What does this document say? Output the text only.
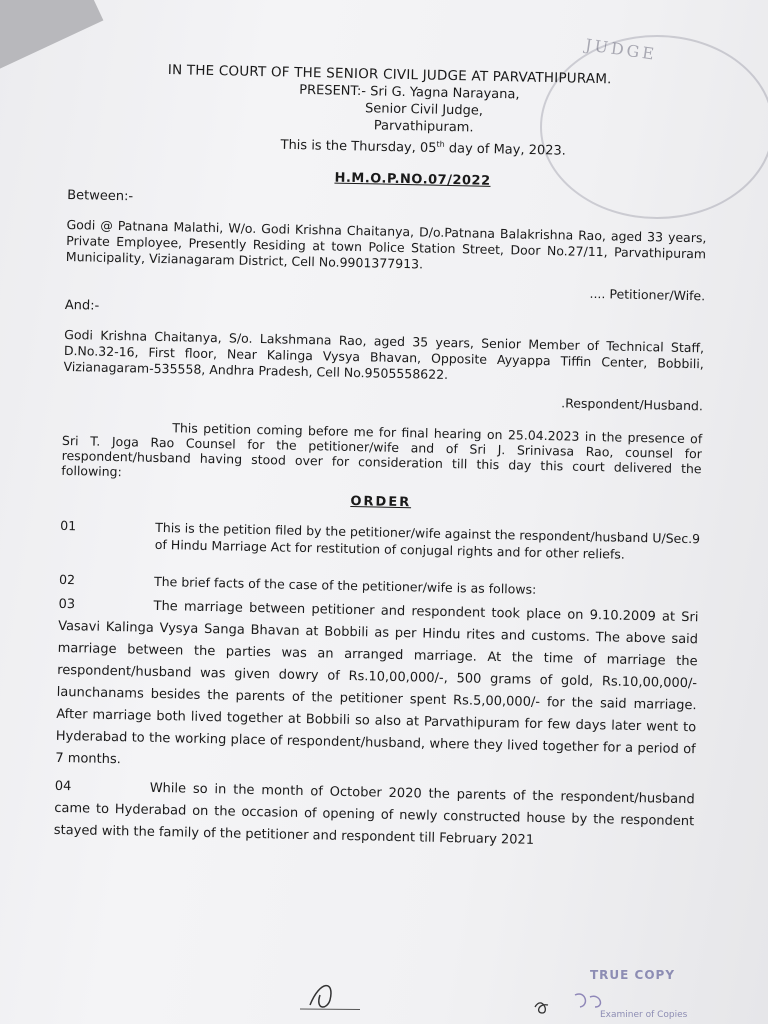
JUDGE
IN THE COURT OF THE SENIOR CIVIL JUDGE AT PARVATHIPURAM.
PRESENT:- Sri G. Yagna Narayana,
Senior Civil Judge,
Parvathipuram.
This is the Thursday, 05th day of May, 2023.
H.M.O.P.NO.07/2022
Between:-
Godi @ Patnana Malathi, W/o. Godi Krishna Chaitanya, D/o.Patnana Balakrishna Rao, aged 33 years, Private Employee, Presently Residing at town Police Station Street, Door No.27/11, Parvathipuram Municipality, Vizianagaram District, Cell No.9901377913.
.... Petitioner/Wife.
And:-
Godi Krishna Chaitanya, S/o. Lakshmana Rao, aged 35 years, Senior Member of Technical Staff, D.No.32-16, First floor, Near Kalinga Vysya Bhavan, Opposite Ayyappa Tiffin Center, Bobbili, Vizianagaram-535558, Andhra Pradesh, Cell No.9505558622.
.Respondent/Husband.
This petition coming before me for final hearing on 25.04.2023 in the presence of Sri T. Joga Rao Counsel for the petitioner/wife and of Sri J. Srinivasa Rao, counsel for respondent/husband having stood over for consideration till this day this court delivered the following:
ORDER
01	This is the petition filed by the petitioner/wife against the respondent/husband U/Sec.9 of Hindu Marriage Act for restitution of conjugal rights and for other reliefs.
02	The brief facts of the case of the petitioner/wife is as follows:
03	The marriage between petitioner and respondent took place on 9.10.2009 at Sri Vasavi Kalinga Vysya Sanga Bhavan at Bobbili as per Hindu rites and customs. The above said marriage between the parties was an arranged marriage. At the time of marriage the respondent/husband was given dowry of Rs.10,00,000/-, 500 grams of gold, Rs.10,00,000/- launchanams besides the parents of the petitioner spent Rs.5,00,000/- for the said marriage. After marriage both lived together at Bobbili so also at Parvathipuram for few days later went to Hyderabad to the working place of respondent/husband, where they lived together for a period of 7 months.
04	While so in the month of October 2020 the parents of the respondent/husband came to Hyderabad on the occasion of opening of newly constructed house by the respondent stayed with the family of the petitioner and respondent till February 2021
TRUE COPY
Examiner of Copies
